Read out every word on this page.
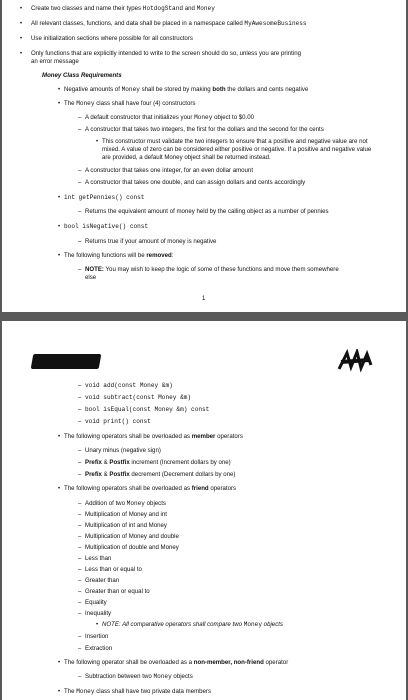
• Create two classes and name their types HotdogStand and Money
• All relevant classes, functions, and data shall be placed in a namespace called MyAwesomeBusiness
• Use initialization sections where possible for all constructors
• Only functions that are explicitly intended to write to the screen should do so, unless you are printing
an error message
Money Class Requirements
• Negative amounts of Money shall be stored by making both the dollars and cents negative
• The Money class shall have four (4) constructors
– A default constructor that initializes your Money object to $0.00
– A constructor that takes two integers, the first for the dollars and the second for the cents
• This constructor must validate the two integers to ensure that a positive and negative value are not mixed. A value of zero can be considered either positive or negative. If a positive and negative value are provided, a default Money object shall be returned instead.
– A constructor that takes one integer, for an even dollar amount
– A constructor that takes one double, and can assign dollars and cents accordingly
• int getPennies() const
– Returns the equivalent amount of money held by the calling object as a number of pennies
• bool isNegative() const
– Returns true if your amount of money is negative
• The following functions will be removed:
– NOTE: You may wish to keep the logic of some of these functions and move them somewhere else
1
– void add(const Money &m)
– void subtract(const Money &m)
– bool isEqual(const Money &m) const
– void print() const
• The following operators shall be overloaded as member operators
– Unary minus (negative sign)
– Prefix & Postfix increment (Increment dollars by one)
– Prefix & Postfix decrement (Decrement dollars by one)
• The following operators shall be overloaded as friend operators
– Addition of two Money objects
– Multiplication of Money and int
– Multiplication of int and Money
– Multiplication of Money and double
– Multiplication of double and Money
– Less than
– Less than or equal to
– Greater than
– Greater than or equal to
– Equality
– Inequality
• NOTE: All comparative operators shall compare two Money objects
– Insertion
– Extraction
• The following operator shall be overloaded as a non-member, non-friend operator
– Subtraction between two Money objects
• The Money class shall have two private data members
